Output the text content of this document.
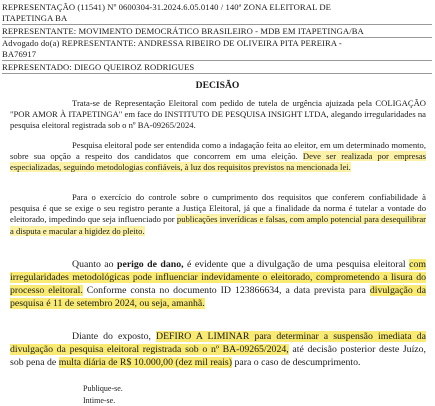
REPRESENTAÇÃO (11541) Nº 0600304-31.2024.6.05.0140 / 140ª ZONA ELEITORAL DE
ITAPETINGA BA
REPRESENTANTE: MOVIMENTO DEMOCRÁTICO BRASILEIRO - MDB EM ITAPETINGA/BA
Advogado do(a) REPRESENTANTE: ANDRESSA RIBEIRO DE OLIVEIRA PITA PEREIRA -
BA76917
REPRESENTADO: DIEGO QUEIROZ RODRIGUES
DECISÃO
Trata-se de Representação Eleitoral com pedido de tutela de urgência ajuizada pela COLIGAÇÃO "POR AMOR À ITAPETINGA" em face do INSTITUTO DE PESQUISA INSIGHT LTDA, alegando irregularidades na pesquisa eleitoral registrada sob o nº BA-09265/2024.
Pesquisa eleitoral pode ser entendida como a indagação feita ao eleitor, em um determinado momento, sobre sua opção a respeito dos candidatos que concorrem em uma eleição. Deve ser realizada por empresas especializadas, seguindo metodologias confiáveis, à luz dos requisitos previstos na mencionada lei.
Para o exercício do controle sobre o cumprimento dos requisitos que conferem confiabilidade à pesquisa é que se exige o seu registro perante a Justiça Eleitoral, já que a finalidade da norma é tutelar a vontade do eleitorado, impedindo que seja influenciado por publicações inverídicas e falsas, com amplo potencial para desequilibrar a disputa e macular a higidez do pleito.
Quanto ao perigo de dano, é evidente que a divulgação de uma pesquisa eleitoral com irregularidades metodológicas pode influenciar indevidamente o eleitorado, comprometendo a lisura do processo eleitoral. Conforme consta no documento ID 123866634, a data prevista para divulgação da pesquisa é 11 de setembro 2024, ou seja, amanhã.
Diante do exposto, DEFIRO A LIMINAR para determinar a suspensão imediata da divulgação da pesquisa eleitoral registrada sob o nº BA-09265/2024, até decisão posterior deste Juízo, sob pena de multa diária de R$ 10.000,00 (dez mil reais) para o caso de descumprimento.
Publique-se.
Intime-se.
